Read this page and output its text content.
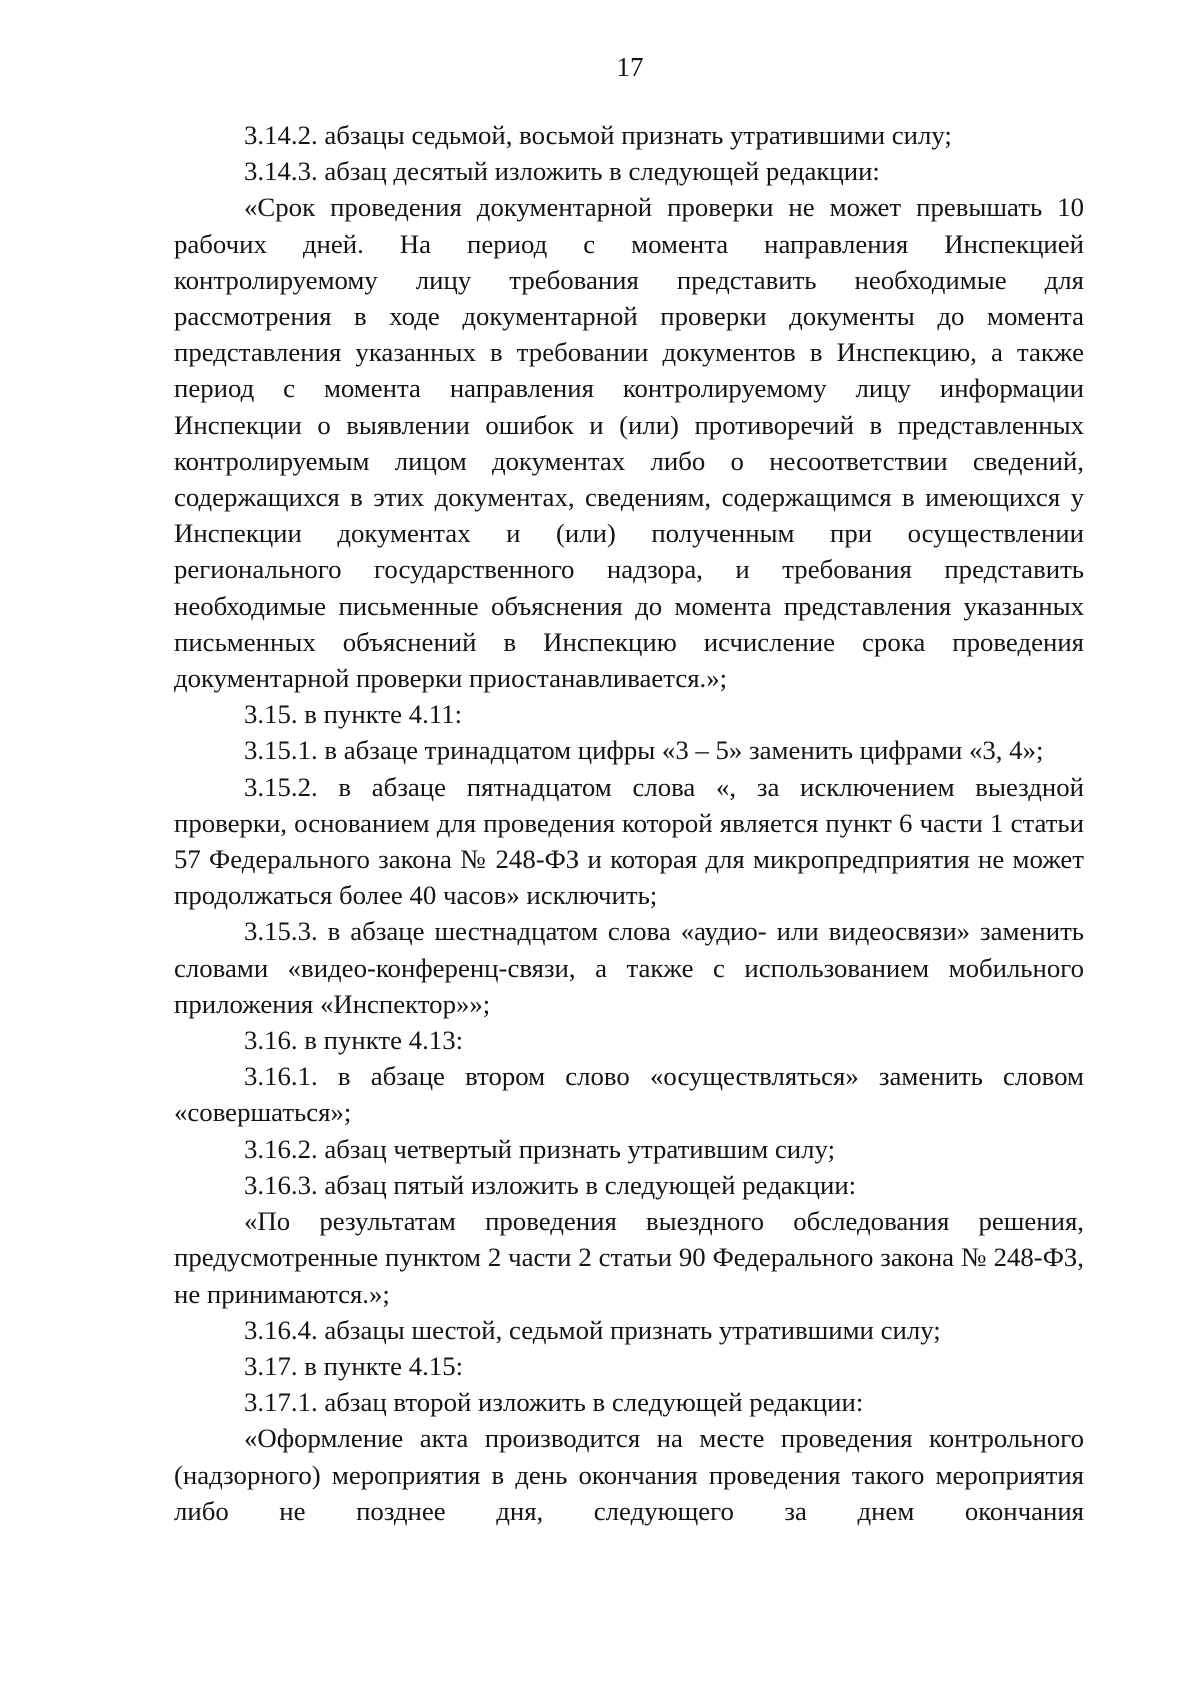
17

3.14.2. абзацы седьмой, восьмой признать утратившими силу;

3.14.3. абзац десятый изложить в следующей редакции:

«Срок проведения документарной проверки не может превышать 10 рабочих дней. На период с момента направления Инспекцией контролируемому лицу требования представить необходимые для рассмотрения в ходе документарной проверки документы до момента представления указанных в требовании документов в Инспекцию, а также период с момента направления контролируемому лицу информации Инспекции о выявлении ошибок и (или) противоречий в представленных контролируемым лицом документах либо о несоответствии сведений, содержащихся в этих документах, сведениям, содержащимся в имеющихся у Инспекции документах и (или) полученным при осуществлении регионального государственного надзора, и требования представить необходимые письменные объяснения до момента представления указанных письменных объяснений в Инспекцию исчисление срока проведения документарной проверки приостанавливается.»;

3.15. в пункте 4.11:

3.15.1. в абзаце тринадцатом цифры «3 – 5» заменить цифрами «3, 4»;

3.15.2. в абзаце пятнадцатом слова «, за исключением выездной проверки, основанием для проведения которой является пункт 6 части 1 статьи 57 Федерального закона № 248-ФЗ и которая для микропредприятия не может продолжаться более 40 часов» исключить;

3.15.3. в абзаце шестнадцатом слова «аудио- или видеосвязи» заменить словами «видео-конференц-связи, а также с использованием мобильного приложения «Инспектор»»;

3.16. в пункте 4.13:

3.16.1. в абзаце втором слово «осуществляться» заменить словом «совершаться»;

3.16.2. абзац четвертый признать утратившим силу;

3.16.3. абзац пятый изложить в следующей редакции:

«По результатам проведения выездного обследования решения, предусмотренные пунктом 2 части 2 статьи 90 Федерального закона № 248-ФЗ, не принимаются.»;

3.16.4. абзацы шестой, седьмой признать утратившими силу;

3.17. в пункте 4.15:

3.17.1. абзац второй изложить в следующей редакции:

«Оформление акта производится на месте проведения контрольного (надзорного) мероприятия в день окончания проведения такого мероприятия либо не позднее дня, следующего за днем окончания
